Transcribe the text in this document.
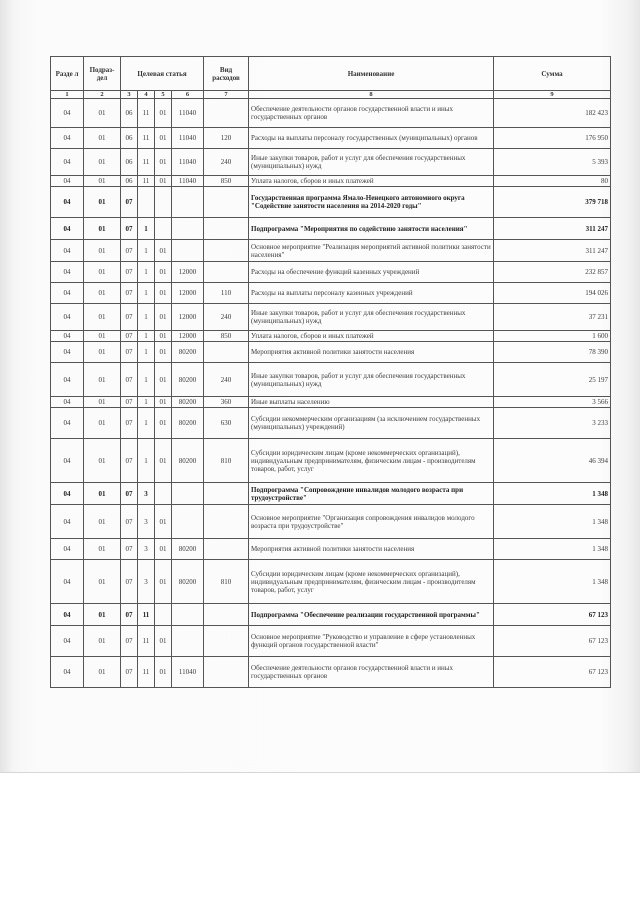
Разде л	Подраз- дел	Целевая статья				Вид расходов	Наименование	Сумма
1	2	3	4	5	6	7	8	9
04	01	06	11	01	11040		Обеспечение деятельности органов государственной власти и иных государственных органов	182 423
04	01	06	11	01	11040	120	Расходы на выплаты персоналу государственных (муниципальных) органов	176 950
04	01	06	11	01	11040	240	Иные закупки товаров, работ и услуг для обеспечения государственных (муниципальных) нужд	5 393
04	01	06	11	01	11040	850	Уплата налогов, сборов и иных платежей	80
04	01	07					Государственная программа Ямало-Ненецкого автономного округа "Содействие занятости населения на 2014-2020 годы"	379 718
04	01	07	1				Подпрограмма "Мероприятия по содействию занятости населения"	311 247
04	01	07	1	01			Основное мероприятие "Реализация мероприятий активной политики занятости населения"	311 247
04	01	07	1	01	12000		Расходы на обеспечение функций казенных учреждений	232 857
04	01	07	1	01	12000	110	Расходы на выплаты персоналу казенных учреждений	194 026
04	01	07	1	01	12000	240	Иные закупки товаров, работ и услуг для обеспечения государственных (муниципальных) нужд	37 231
04	01	07	1	01	12000	850	Уплата налогов, сборов и иных платежей	1 600
04	01	07	1	01	80200		Мероприятия активной политики занятости населения	78 390
04	01	07	1	01	80200	240	Иные закупки товаров, работ и услуг для обеспечения государственных (муниципальных) нужд	25 197
04	01	07	1	01	80200	360	Иные выплаты населению	3 566
04	01	07	1	01	80200	630	Субсидии некоммерческим организациям (за исключением государственных (муниципальных) учреждений)	3 233
04	01	07	1	01	80200	810	Субсидии юридическим лицам (кроме некоммерческих организаций), индивидуальным предпринимателям, физическим лицам - производителям товаров, работ, услуг	46 394
04	01	07	3				Подпрограмма "Сопровождение инвалидов молодого возраста при трудоустройстве"	1 348
04	01	07	3	01			Основное мероприятие "Организация сопровождения инвалидов молодого возраста при трудоустройстве"	1 348
04	01	07	3	01	80200		Мероприятия активной политики занятости населения	1 348
04	01	07	3	01	80200	810	Субсидии юридическим лицам (кроме некоммерческих организаций), индивидуальным предпринимателям, физическим лицам - производителям товаров, работ, услуг	1 348
04	01	07	11				Подпрограмма "Обеспечение реализации государственной программы"	67 123
04	01	07	11	01			Основное мероприятие "Руководство и управление в сфере установленных функций органов государственной власти"	67 123
04	01	07	11	01	11040		Обеспечение деятельности органов государственной власти и иных государственных органов	67 123
